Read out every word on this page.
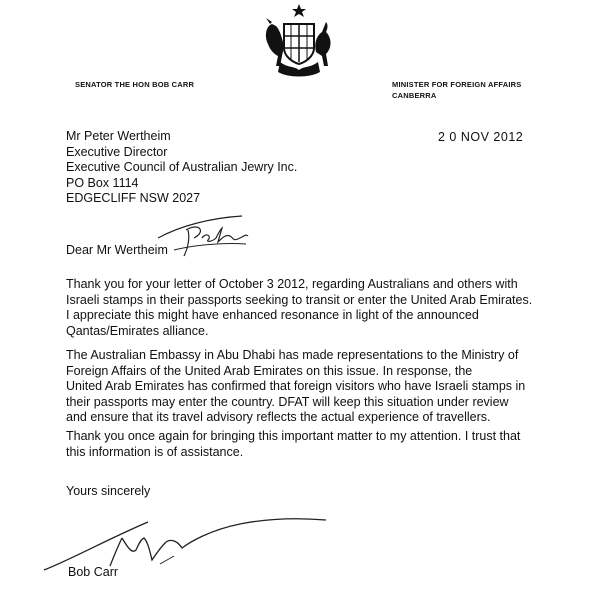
SENATOR THE HON BOB CARR	MINISTER FOR FOREIGN AFFAIRS
CANBERRA
2 0 NOV 2012
Mr Peter Wertheim
Executive Director
Executive Council of Australian Jewry Inc.
PO Box 1114
EDGECLIFF NSW 2027
Dear Mr Wertheim
Thank you for your letter of October 3 2012, regarding Australians and others with
Israeli stamps in their passports seeking to transit or enter the United Arab Emirates.
I appreciate this might have enhanced resonance in light of the announced
Qantas/Emirates alliance.
The Australian Embassy in Abu Dhabi has made representations to the Ministry of
Foreign Affairs of the United Arab Emirates on this issue. In response, the
United Arab Emirates has confirmed that foreign visitors who have Israeli stamps in
their passports may enter the country. DFAT will keep this situation under review
and ensure that its travel advisory reflects the actual experience of travellers.
Thank you once again for bringing this important matter to my attention. I trust that
this information is of assistance.
Yours sincerely
Bob Carr
